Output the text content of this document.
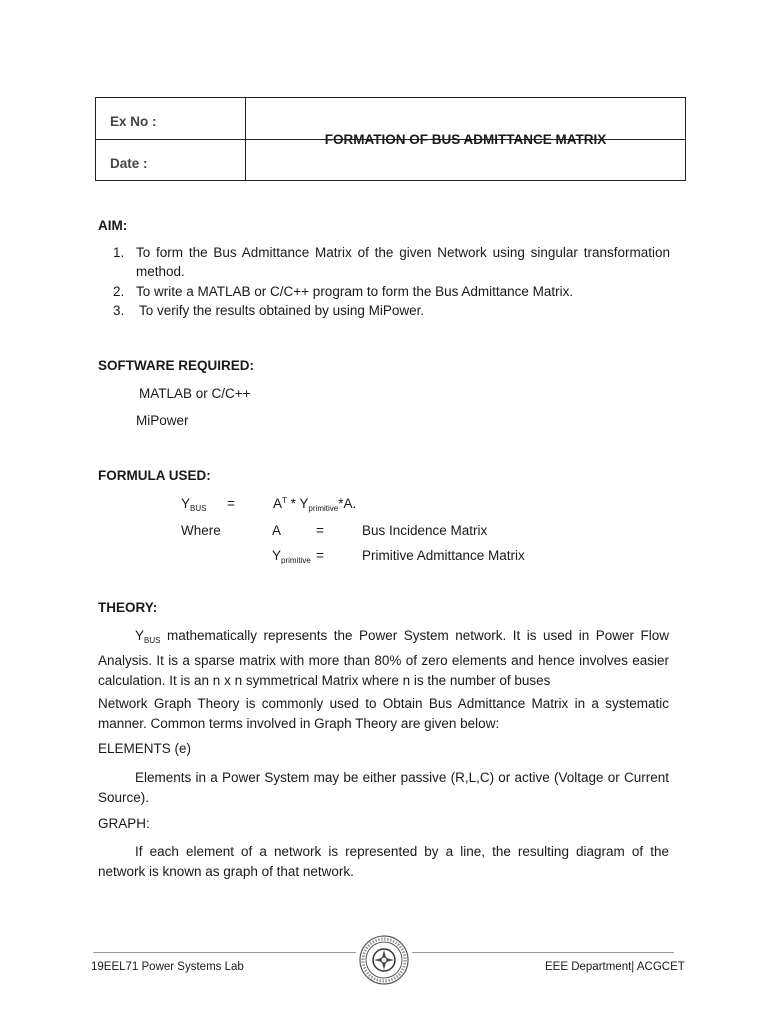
Ex No :
Date :
FORMATION OF BUS ADMITTANCE MATRIX
AIM:
1. To form the Bus Admittance Matrix of the given Network using singular transformation
method.
2. To write a MATLAB or C/C++ program to form the Bus Admittance Matrix.
3. To verify the results obtained by using MiPower.
SOFTWARE REQUIRED:
MATLAB or C/C++
MiPower
FORMULA USED:
$Y_{BUS}$ =	$A^T * Y_{primitive}*A$.
Where	A	=	Bus Incidence Matrix
$Y_{primitive}$ =	Primitive Admittance Matrix
THEORY:
$Y_{BUS}$ mathematically represents the Power System network. It is used in Power Flow Analysis. It is a sparse matrix with more than 80% of zero elements and hence involves easier calculation. It is an n x n symmetrical Matrix where n is the number of buses
Network Graph Theory is commonly used to Obtain Bus Admittance Matrix in a systematic manner. Common terms involved in Graph Theory are given below:
ELEMENTS (e)
Elements in a Power System may be either passive (R,L,C) or active (Voltage or Current Source).
GRAPH:
If each element of a network is represented by a line, the resulting diagram of the network is known as graph of that network.
19EEL71 Power Systems Lab	EEE Department| ACGCET
